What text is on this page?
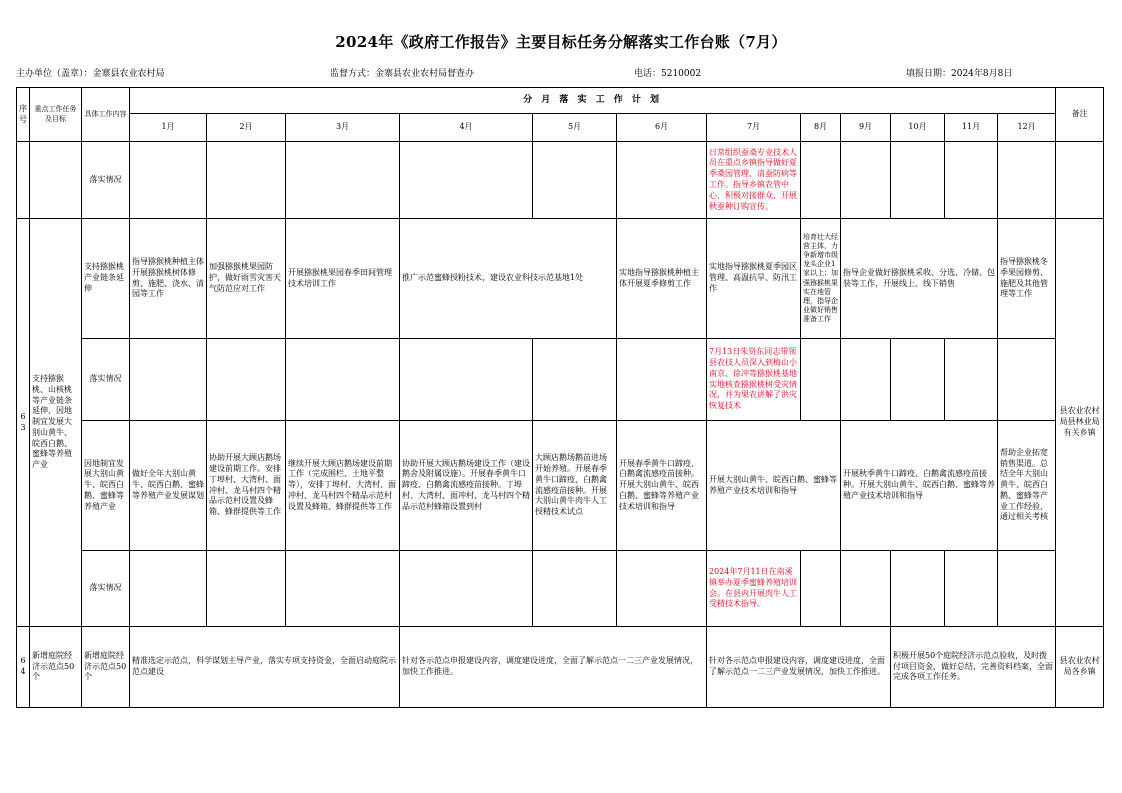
2024年《政府工作报告》主要目标任务分解落实工作台账（7月）
主办单位（盖章）：金寨县农业农村局	监督方式：金寨县农业农村局督查办	电话：5210002	填报日期：2024年8月8日
序号	重点工作任务及目标	具体工作内容	分 月 落 实 工 作 计 划												备注
			1月	2月	3月	4月	5月	6月	7月	8月	9月	10月	11月	12月	
		落实情况							日常组织蚕桑专业技术人员在重点乡镇指导做好夏季桑园管理、清蚕防病等工作。指导乡镇农管中心，积极对接群众，开展秋蚕种订购宣传。						
63	支持猕猴桃、山核桃等产业链条延伸，因地制宜发展大别山黄牛、皖西白鹅、蜜蜂等养殖产业	支持猕猴桃产业链条延伸	指导猕猴桃种植主体开展猕猴桃树体修剪、施肥、浇水、清园等工作	加强猕猴桃果园防护，做好雨雪灾害天气防范应对工作	开展猕猴桃果园春季田间管理技术培训工作	推广示范蜜蜂授粉技术，建设农业科技示范基地1处		实地指导猕猴桃种植主体开展夏季修剪工作	实地指导猕猴桃夏季园区管理、高温抗旱、防汛工作	培育壮大经营主体，力争新增市级龙头企业1家以上；加强猕猴桃果实在地管理，指导企业做好销售准备工作	指导企业做好猕猴桃采收、分选、冷储、包装等工作，开展线上、线下销售			指导猕猴桃冬季果园修剪、施肥及其他管理等工作	县农业农村局县林业局有关乡镇
		落实情况							7月13日朱贤东同志带领县农技人员深入到梅山小南京、徐冲等猕猴桃基地实地核查猕猴桃树受灾情况，并为果农讲解了洪灾恢复技术						
		因地制宜发展大别山黄牛、皖西白鹅、蜜蜂等养殖产业	做好全年大别山黄牛、皖西白鹅、蜜蜂等养殖产业发展谋划	协助开展大顾店鹅场建设前期工作。安排丁埠村、大湾村、面冲村、龙马村四个精品示范村设置及蜂箱、蜂群提供等工作	继续开展大顾店鹅场建设前期工作（完成围栏、土地平整等），安排丁埠村、大湾村、面冲村、龙马村四个精品示范村设置及蜂箱、蜂群提供等工作	协助开展大顾店鹅场建设工作（建设鹅舍及附属设施）。开展春季黄牛口蹄疫、白鹅禽流感疫苗接种。丁埠村、大湾村、面冲村、龙马村四个精品示范村蜂箱设置到村	大顾店鹅场鹅苗进场开始养殖。开展春季黄牛口蹄疫、白鹅禽流感疫苗接种。开展大别山黄牛肉牛人工授精技术试点	开展春季黄牛口蹄疫、白鹅禽流感疫苗接种。开展大别山黄牛、皖西白鹅、蜜蜂等养殖产业技术培训和指导	开展大别山黄牛、皖西白鹅、蜜蜂等养殖产业技术培训和指导		开展秋季黄牛口蹄疫、白鹅禽流感疫苗接种。开展大别山黄牛、皖西白鹅、蜜蜂等养殖产业技术培训和指导			帮助企业拓宽销售渠道。总结全年大别山黄牛、皖西白鹅、蜜蜂等产业工作经验，通过相关考核	
		落实情况							2024年7月11日在南溪镇举办夏季蜜蜂养殖培训会。在县内开展肉牛人工受精技术指导。						
64	新增庭院经济示范点50个	新增庭院经济示范点50个	精准选定示范点，科学谋划主导产业，落实专项支持资金，全面启动庭院示范点建设			针对各示范点申报建设内容，调度建设进度，全面了解示范点一二三产业发展情况，加快工作推进。			针对各示范点申报建设内容，调度建设进度，全面了解示范点一二三产业发展情况，加快工作推进。			积极开展50个庭院经济示范点验收，及时拨付项目资金，做好总结，完善资料档案，全面完成各项工作任务。			县农业农村局各乡镇
